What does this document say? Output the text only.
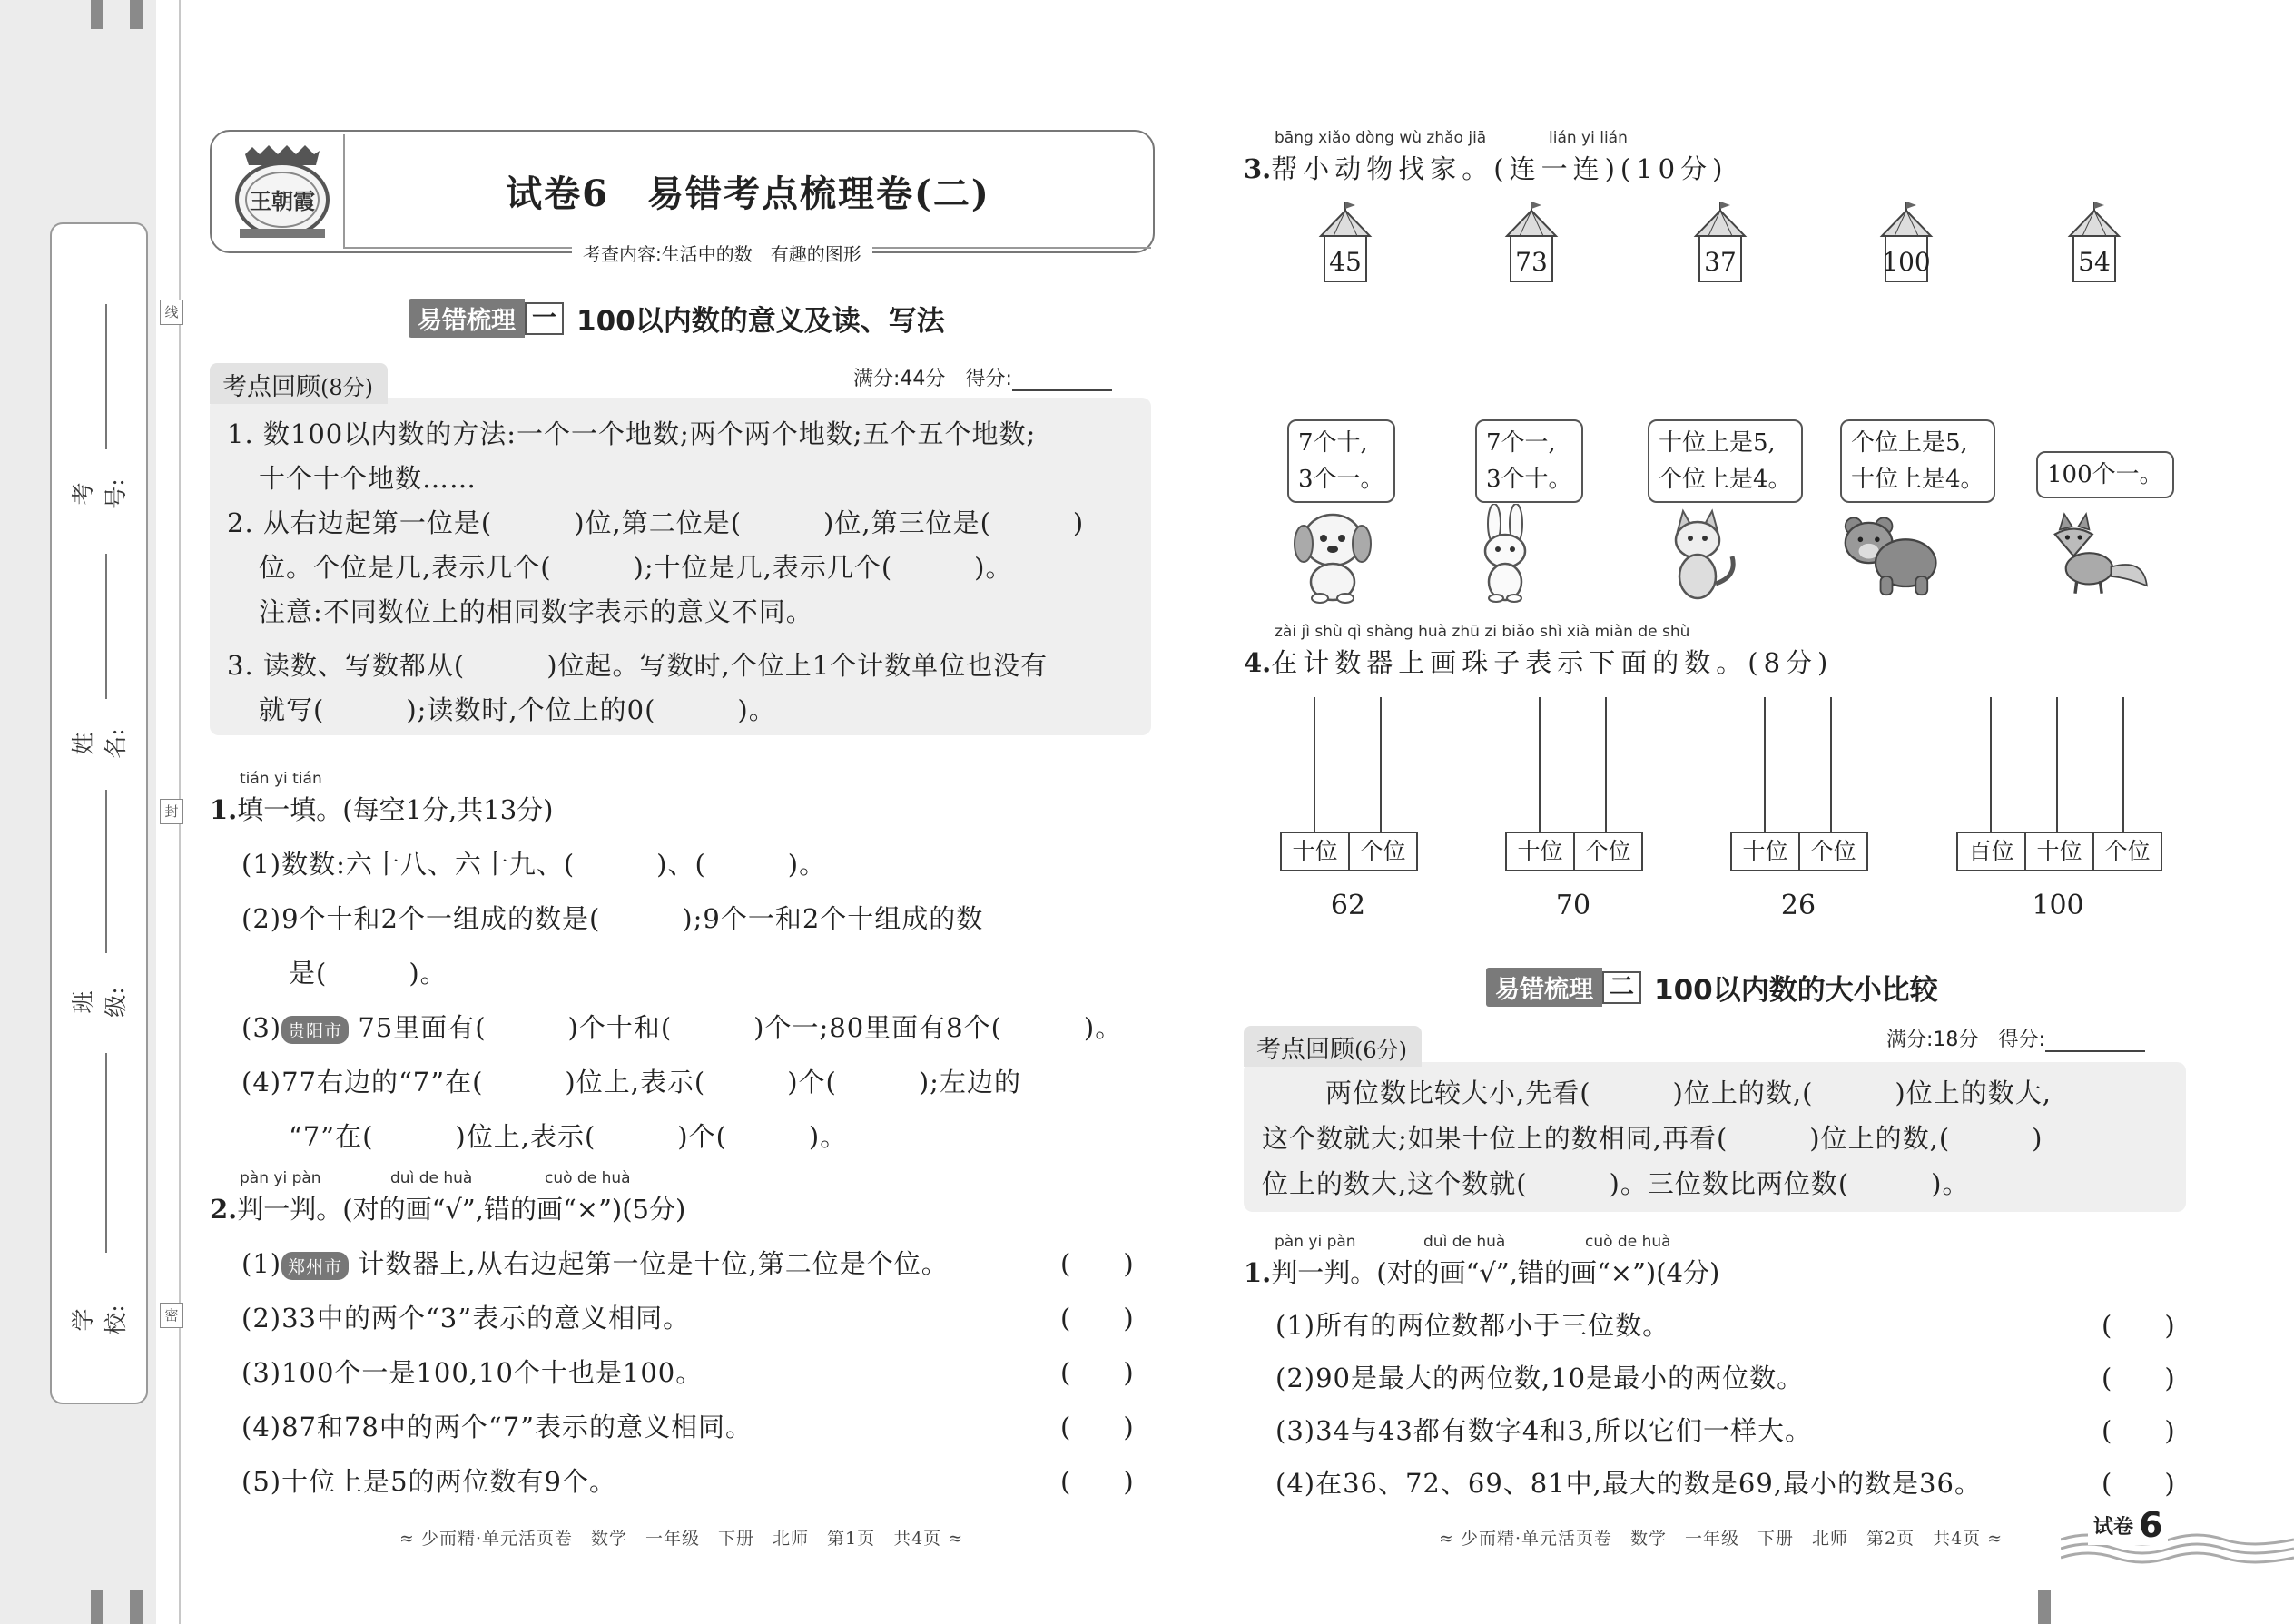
考号:
姓名:
班级:
学校:
线
封
密
王朝霞	试卷6　易错考点梳理卷(二)
考查内容:生活中的数　有趣的图形
易错梳理 一 100以内数的意义及读、写法
考点回顾(8分)	满分:44分　 得分:
1. 数100以内数的方法:一个一个地数;两个两个地数;五个五个地数;
十个十个地数……
2. 从右边起第一位是(　　　)位,第二位是(　　　)位,第三位是(　　　)
位。个位是几,表示几个(　　　);十位是几,表示几个(　　　)。
注意:不同数位上的相同数字表示的意义不同。
3. 读数、写数都从(　　　)位起。写数时,个位上1个计数单位也没有
就写(　　　);读数时,个位上的0(　　　)。
tián yi tián
1.填一填。(每空1分,共13分)
(1)数数:六十八、六十九、(　　　)、(　　　)。
(2)9个十和2个一组成的数是(　　　);9个一和2个十组成的数
是(　　　)。
(3) 贵阳市 75里面有(　　　)个十和(　　　)个一;80里面有8个(　　　)。
(4)77右边的“7”在(　　　)位上,表示(　　　)个(　　　);左边的
“7”在(　　　)位上,表示(　　　)个(　　　)。
pàn yi pàn	duì de huà	cuò de huà
2.判一判。(对的画“√”,错的画“×”)(5分)
(1) 郑州市 计数器上,从右边起第一位是十位,第二位是个位。
(2)33中的两个“3”表示的意义相同。
(3)100个一是100,10个十也是100。
(4)87和78中的两个“7”表示的意义相同。
(5)十位上是5的两位数有9个。
(　　)
(　　)
(　　)
(　　)
(　　)
≈ 少而精·单元活页卷　数学　一年级　下册　北师　第1页　共4页 ≈
bāng xiǎo dòng wù zhǎo jiā	lián yi lián
3.帮小动物找家。(连一连)(10分)
45	73	37	100	54
7个十,
3个一。
7个一,
3个十。
十位上是5,
个位上是4。
个位上是5,
十位上是4。	100个一。
zài jì shù qì shàng huà zhū zi biǎo shì xià miàn de shù
4.在计数器上画珠子表示下面的数。(8分)
十位 个位
62
十位 个位
70
十位 个位
26
百位 十位 个位
100
易错梳理 二 100以内数的大小比较
考点回顾(6分)	满分:18分　 得分:
两位数比较大小,先看(　　　)位上的数,(　　　)位上的数大,
这个数就大;如果十位上的数相同,再看(　　　)位上的数,(　　　)
位上的数大,这个数就(　　　)。三位数比两位数(　　　)。
pàn yi pàn	duì de huà	cuò de huà
1.判一判。(对的画“√”,错的画“×”)(4分)
(1)所有的两位数都小于三位数。
(2)90是最大的两位数,10是最小的两位数。
(3)34与43都有数字4和3,所以它们一样大。
(4)在36、72、69、81中,最大的数是69,最小的数是36。
(　　)
(　　)
(　　)
(　　)
≈ 少而精·单元活页卷　数学　一年级　下册　北师　第2页　共4页 ≈	试卷 6
